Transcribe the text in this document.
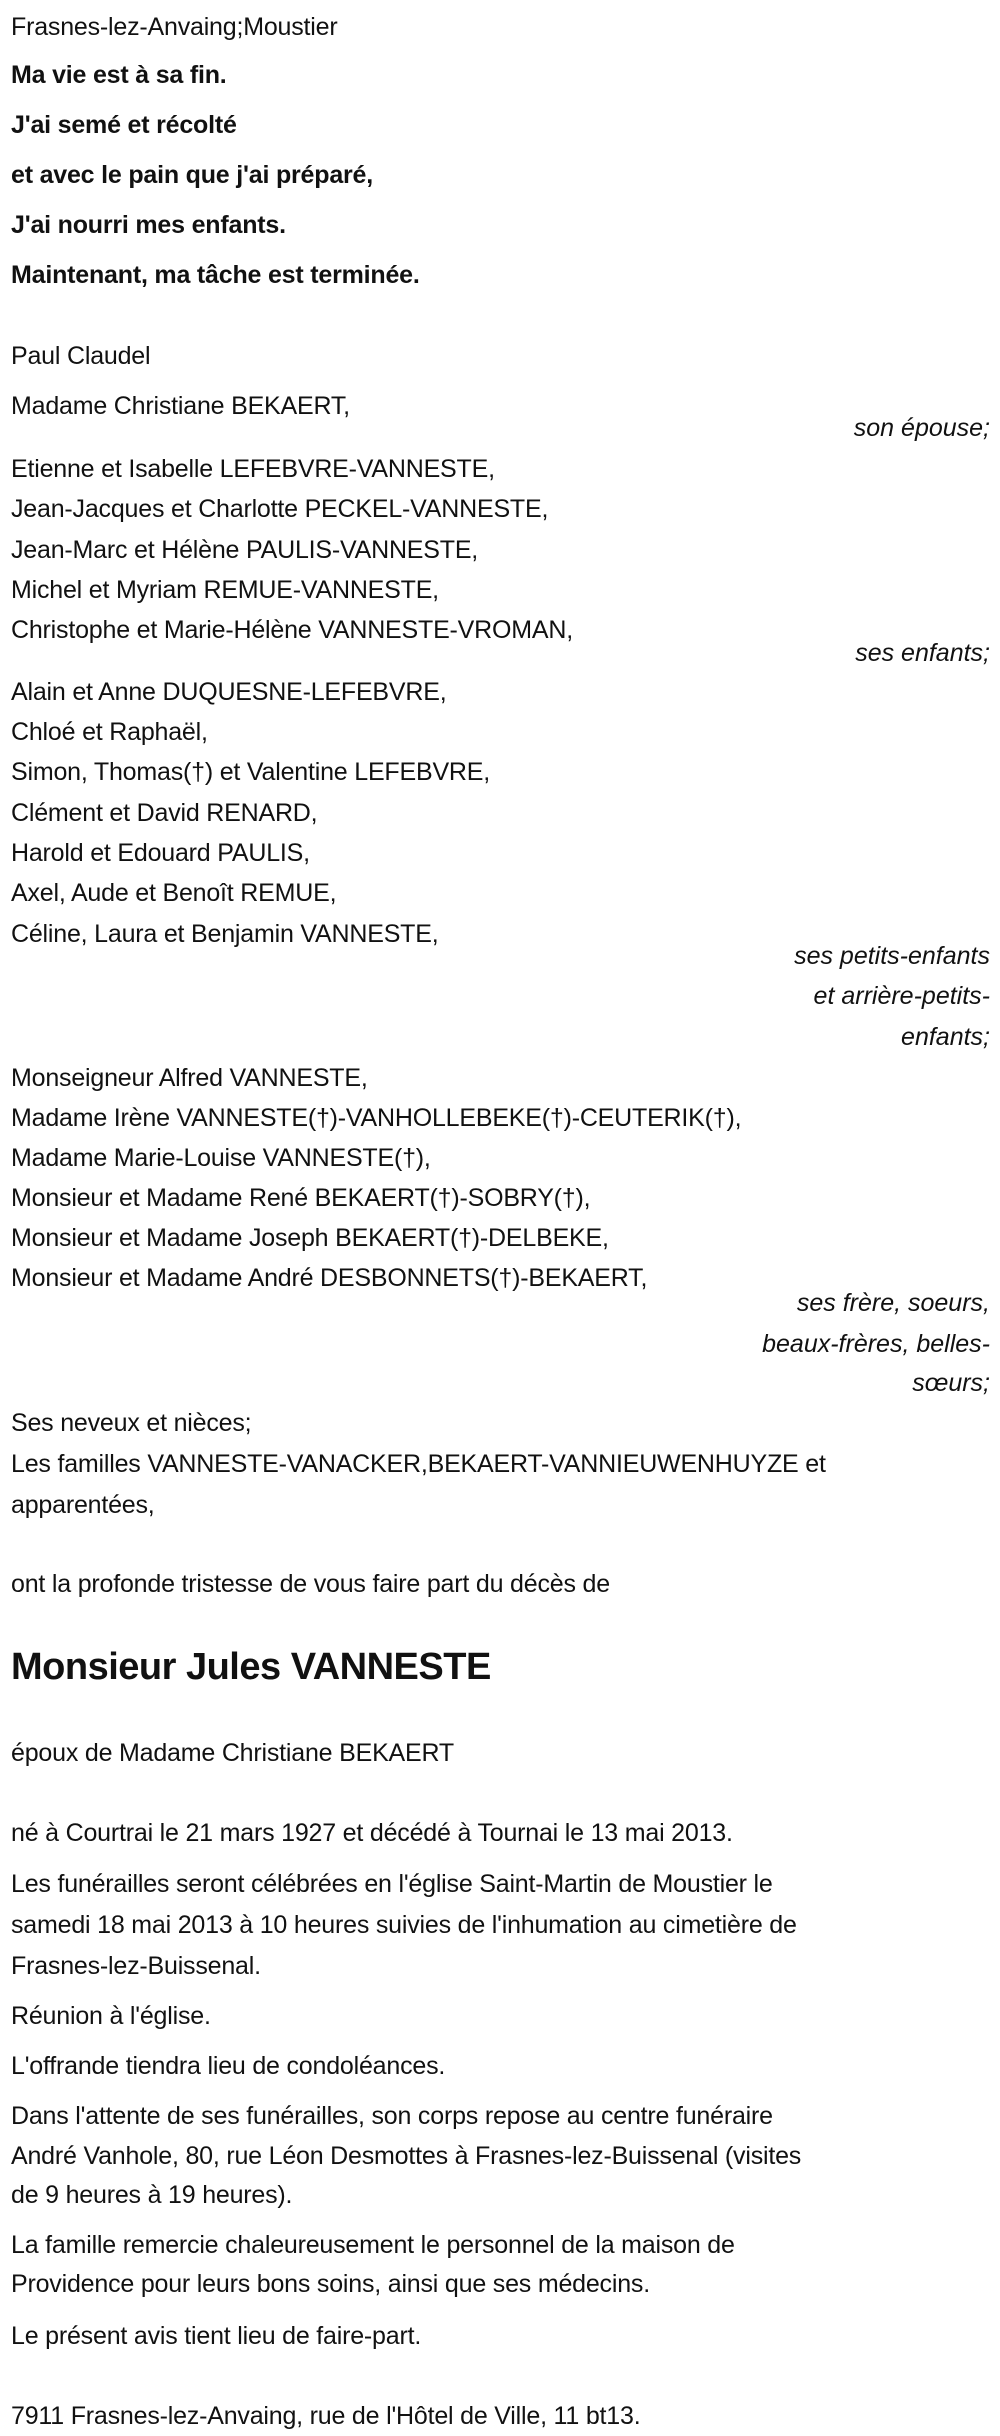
Frasnes-lez-Anvaing;Moustier
Ma vie est à sa fin.
J'ai semé et récolté
et avec le pain que j'ai préparé,
J'ai nourri mes enfants.
Maintenant, ma tâche est terminée.
Paul Claudel
Madame Christiane BEKAERT,
son épouse;
Etienne et Isabelle LEFEBVRE-VANNESTE,
Jean-Jacques et Charlotte PECKEL-VANNESTE,
Jean-Marc et Hélène PAULIS-VANNESTE,
Michel et Myriam REMUE-VANNESTE,
Christophe et Marie-Hélène VANNESTE-VROMAN,
ses enfants;
Alain et Anne DUQUESNE-LEFEBVRE,
Chloé et Raphaël,
Simon, Thomas(†) et Valentine LEFEBVRE,
Clément et David RENARD,
Harold et Edouard PAULIS,
Axel, Aude et Benoît REMUE,
Céline, Laura et Benjamin VANNESTE,
ses petits-enfants
et arrière-petits-
enfants;
Monseigneur Alfred VANNESTE,
Madame Irène VANNESTE(†)-VANHOLLEBEKE(†)-CEUTERIK(†),
Madame Marie-Louise VANNESTE(†),
Monsieur et Madame René BEKAERT(†)-SOBRY(†),
Monsieur et Madame Joseph BEKAERT(†)-DELBEKE,
Monsieur et Madame André DESBONNETS(†)-BEKAERT,
ses frère, soeurs,
beaux-frères, belles-
sœurs;
Ses neveux et nièces;
Les familles VANNESTE-VANACKER,BEKAERT-VANNIEUWENHUYZE et
apparentées,
ont la profonde tristesse de vous faire part du décès de
Monsieur Jules VANNESTE
époux de Madame Christiane BEKAERT
né à Courtrai le 21 mars 1927 et décédé à Tournai le 13 mai 2013.
Les funérailles seront célébrées en l'église Saint-Martin de Moustier le
samedi 18 mai 2013 à 10 heures suivies de l'inhumation au cimetière de
Frasnes-lez-Buissenal.
Réunion à l'église.
L'offrande tiendra lieu de condoléances.
Dans l'attente de ses funérailles, son corps repose au centre funéraire
André Vanhole, 80, rue Léon Desmottes à Frasnes-lez-Buissenal (visites
de 9 heures à 19 heures).
La famille remercie chaleureusement le personnel de la maison de
Providence pour leurs bons soins, ainsi que ses médecins.
Le présent avis tient lieu de faire-part.
7911 Frasnes-lez-Anvaing, rue de l'Hôtel de Ville, 11 bt13.
